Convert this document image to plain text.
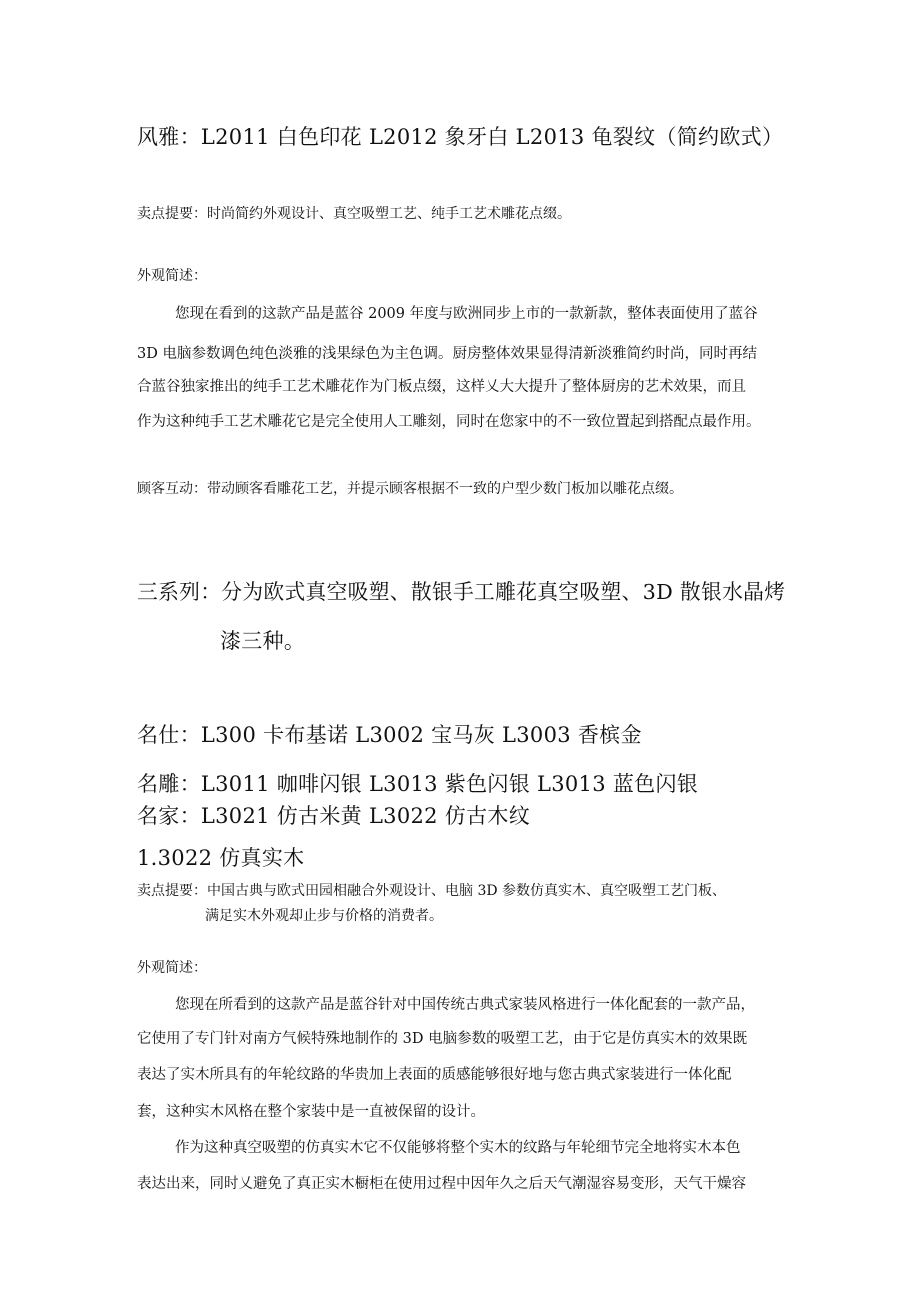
风雅：L2011 白色印花 L2012 象牙白 L2013 龟裂纹（简约欧式）

卖点提要：时尚简约外观设计、真空吸塑工艺、纯手工艺术雕花点缀。

外观简述：

您现在看到的这款产品是蓝谷 2009 年度与欧洲同步上市的一款新款，整体表面使用了蓝谷

3D 电脑参数调色纯色淡雅的浅果绿色为主色调。厨房整体效果显得清新淡雅简约时尚，同时再结

合蓝谷独家推出的纯手工艺术雕花作为门板点缀，这样乂大大提升了整体厨房的艺术效果，而且

作为这种纯手工艺术雕花它是完全使用人工雕刻，同时在您家中的不一致位置起到搭配点最作用。

顾客互动：带动顾客看雕花工艺，并提示顾客根据不一致的户型少数门板加以雕花点缀。

三系列：分为欧式真空吸塑、散银手工雕花真空吸塑、3D 散银水晶烤
漆三种。
名仕：L300 卡布基诺 L3002 宝马灰 L3003 香槟金
名雕：L3011 咖啡闪银 L3013 紫色闪银 L3013 蓝色闪银
名家：L3021 仿古米黄 L3022 仿古木纹
1.3022 仿真实木

卖点提要：中国古典与欧式田园相融合外观设计、电脑 3D 参数仿真实木、真空吸塑工艺门板、

满足实木外观却止步与价格的消费者。

外观简述：

您现在所看到的这款产品是蓝谷针对中国传统古典式家装风格进行一体化配套的一款产品，

它使用了专门针对南方气候特殊地制作的 3D 电脑参数的吸塑工艺，由于它是仿真实木的效果既

表达了实木所具有的年轮纹路的华贵加上表面的质感能够很好地与您古典式家装进行一体化配

套，这种实木风格在整个家装中是一直被保留的设计。

作为这种真空吸塑的仿真实木它不仅能够将整个实木的纹路与年轮细节完全地将实木本色

表达出来，同时乂避免了真正实木橱柜在使用过程中因年久之后天气潮湿容易变形，天气干燥容
